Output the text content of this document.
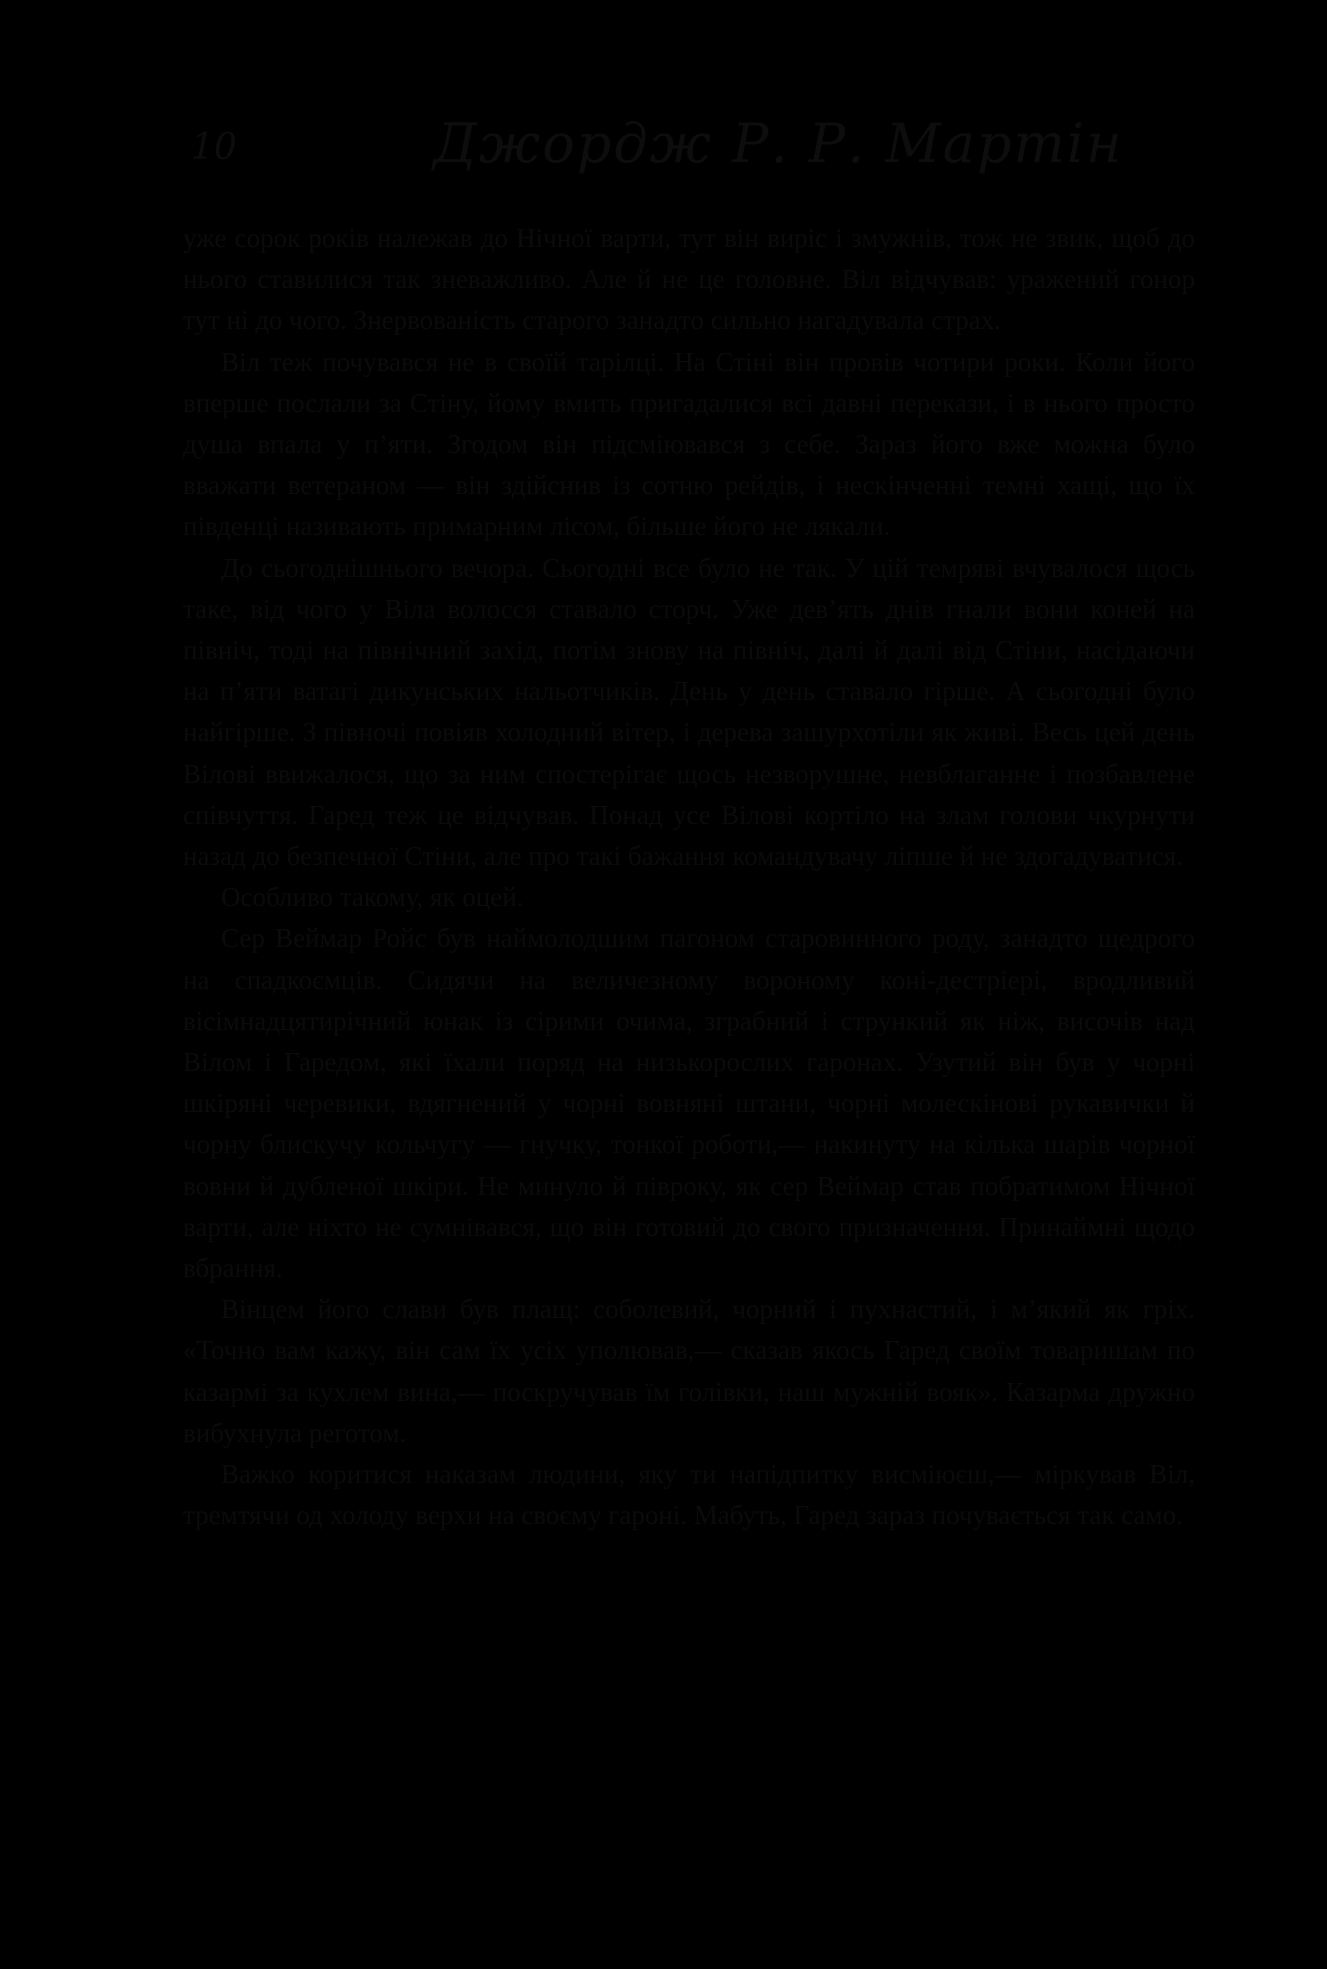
10	Джордж Р. Р. Мартін

уже сорок років належав до Нічної варти, тут він виріс і змужнів, тож не звик, щоб до нього ставилися так зневажливо. Але й не це головне. Віл відчував: уражений гонор тут ні до чого. Знервованість старого занадто сильно нагадувала страх.

Віл теж почувався не в своїй тарілці. На Стіні він провів чотири роки. Коли його вперше послали за Стіну, йому вмить пригадалися всі давні перекази, і в нього просто душа впала у п’яти. Згодом він підсміювався з себе. Зараз його вже можна було вважати ветераном — він здійснив із сотню рейдів, і нескінченні темні хащі, що їх південці називають примарним лісом, більше його не лякали.

До сьогоднішнього вечора. Сьогодні все було не так. У цій темряві вчувалося щось таке, від чого у Віла волосся ставало сторч. Уже дев’ять днів гнали вони коней на північ, тоді на північний захід, потім знову на північ, далі й далі від Стіни, насідаючи на п’яти ватагі дикунських нальотчиків. День у день ставало гірше. А сьогодні було найгірше. З півночі повіяв холодний вітер, і дерева зашурхотіли як живі. Весь цей день Вілові ввижалося, що за ним спостерігає щось незворушне, невблаганне і позбавлене співчуття. Гаред теж це відчував. Понад усе Вілові кортіло на злам голови чкурнути назад до безпечної Стіни, але про такі бажання командувачу ліпше й не здогадуватися.

Особливо такому, як оцей.

Сер Веймар Ройс був наймолодшим пагоном старовинного роду, занадто щедрого на спадкоємців. Сидячи на величезному вороному коні-дестріері, вродливий вісімнадцятирічний юнак із сірими очима, зграбний і стрункий як ніж, височів над Вілом і Гаредом, які їхали поряд на низькорослих гаронах. Узутий він був у чорні шкіряні черевики, вдягнений у чорні вовняні штани, чорні молескінові рукавички й чорну блискучу кольчугу — гнучку, тонкої роботи,— накинуту на кілька шарів чорної вовни й дубленої шкіри. Не минуло й півроку, як сер Веймар став побратимом Нічної варти, але ніхто не сумнівався, що він готовий до свого призначення. Принаймні щодо вбрання.

Вінцем його слави був плащ: соболевий, чорний і пухнастий, і м’який як гріх. «Точно вам кажу, він сам їх усіх уполював,— сказав якось Гаред своїм товаришам по казармі за кухлем вина,— поскручував їм голівки, наш мужній вояк». Казарма дружно вибухнула реготом.

Важко коритися наказам людини, яку ти напідпитку висміюєш,— міркував Віл, тремтячи од холоду верхи на своєму гароні. Мабуть, Гаред зараз почувається так само.
